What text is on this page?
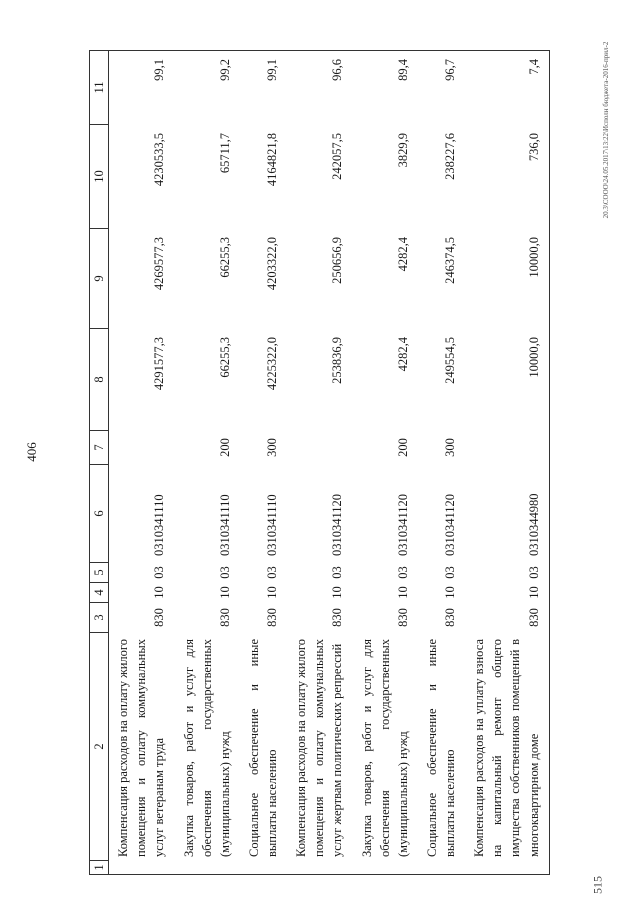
406
515
20.3\COOO\24.05.2017\13:22\Исполн бюджета-2016-прил-2
1	2	3	4	5	6	7	8	9	10	11
	Компенсация расходов на оплату жилого помещения и оплату коммунальных услуг ветеранам труда	830	10	03	0310341110		4291577,3	4269577,3	4230533,5	99,1
	Закупка товаров, работ и услуг для обеспечения государственных (муниципальных) нужд	830	10	03	0310341110	200	66255,3	66255,3	65711,7	99,2
	Социальное обеспечение и иные выплаты населению	830	10	03	0310341110	300	4225322,0	4203322,0	4164821,8	99,1
	Компенсация расходов на оплату жилого помещения и оплату коммунальных услуг жертвам политических репрессий	830	10	03	0310341120		253836,9	250656,9	242057,5	96,6
	Закупка товаров, работ и услуг для обеспечения государственных (муниципальных) нужд	830	10	03	0310341120	200	4282,4	4282,4	3829,9	89,4
	Социальное обеспечение и иные выплаты населению	830	10	03	0310341120	300	249554,5	246374,5	238227,6	96,7
	Компенсация расходов на уплату взноса на капитальный ремонт общего имущества собственников помещений в многоквартирном доме	830	10	03	0310344980		10000,0	10000,0	736,0	7,4
